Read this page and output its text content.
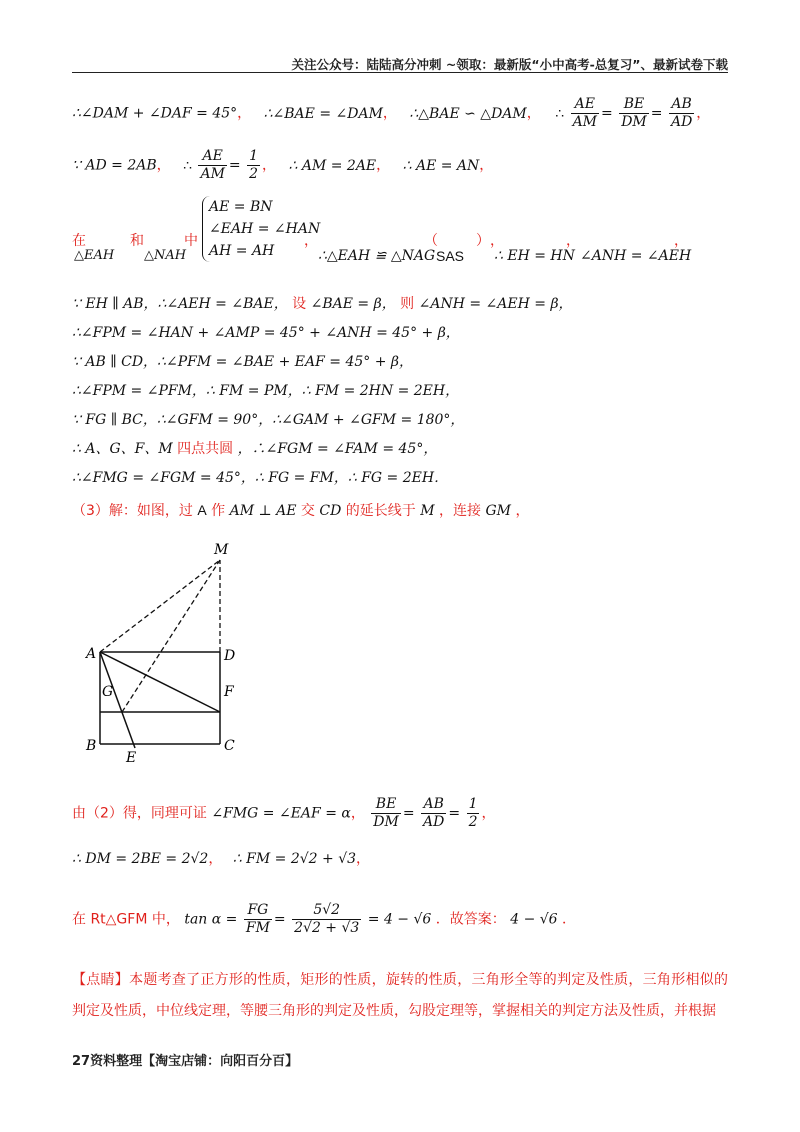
关注公众号：陆陆高分冲刺 ~领取：最新版“小中高考-总复习”、最新试卷下载
∴∠DAM + ∠DAF = 45°， ∴∠BAE = ∠DAM， ∴△BAE ∽ △DAM， ∴ $\frac{AE}{AM} = \frac{BE}{DM} = \frac{AB}{AD}$ ，
∵ AD = 2AB， ∴ $\frac{AE}{AM} = \frac{1}{2}$ ， ∴ AM = 2AE， ∴ AE = AN，
在
△EAH
和
△NAH
中
AE = BN
∠EAH = ∠HAN
AH = AH
，
∴△EAH ≌ △NAG
（
SAS
） ，
∴ EH = HN
，
∠ANH = ∠AEH
，
∵ EH ∥ AB，∴∠AEH = ∠BAE， 设 ∠BAE = β， 则 ∠ANH = ∠AEH = β，
∴∠FPM = ∠HAN + ∠AMP = 45° + ∠ANH = 45° + β，
∵ AB ∥ CD，∴∠PFM = ∠BAE + EAF = 45° + β，
∴∠FPM = ∠PFM，∴ FM = PM，∴ FM = 2HN = 2EH，
∵ FG ∥ BC，∴∠GFM = 90°，∴∠GAM + ∠GFM = 180°，
∴ A、G、F、M 四点共圆 ，∴∠FGM = ∠FAM = 45°，
∴∠FMG = ∠FGM = 45°，∴ FG = FM，∴ FG = 2EH．
（3）解：如图，过 A 作 AM ⊥ AE 交 CD 的延长线于 M ，连接 GM ，
M
A	D
G	F
B
E
C
由（2）得，同理可证 ∠FMG = ∠EAF = α， $\frac{BE}{DM} = \frac{AB}{AD} = \frac{1}{2}$ ，
∴ DM = 2BE = 2√2， ∴ FM = 2√2 + √3，
在 Rt△GFM 中， $\tan \alpha = \frac{FG}{FM} = \frac{5√2}{2√2 + √3} = 4 - √6$ ．故答案： 4 − √6 ．
【点睛】本题考查了正方形的性质，矩形的性质，旋转的性质，三角形全等的判定及性质，三角形相似的判定及性质，中位线定理，等腰三角形的判定及性质，勾股定理等，掌握相关的判定方法及性质，并根据
27资料整理【淘宝店铺：向阳百分百】
